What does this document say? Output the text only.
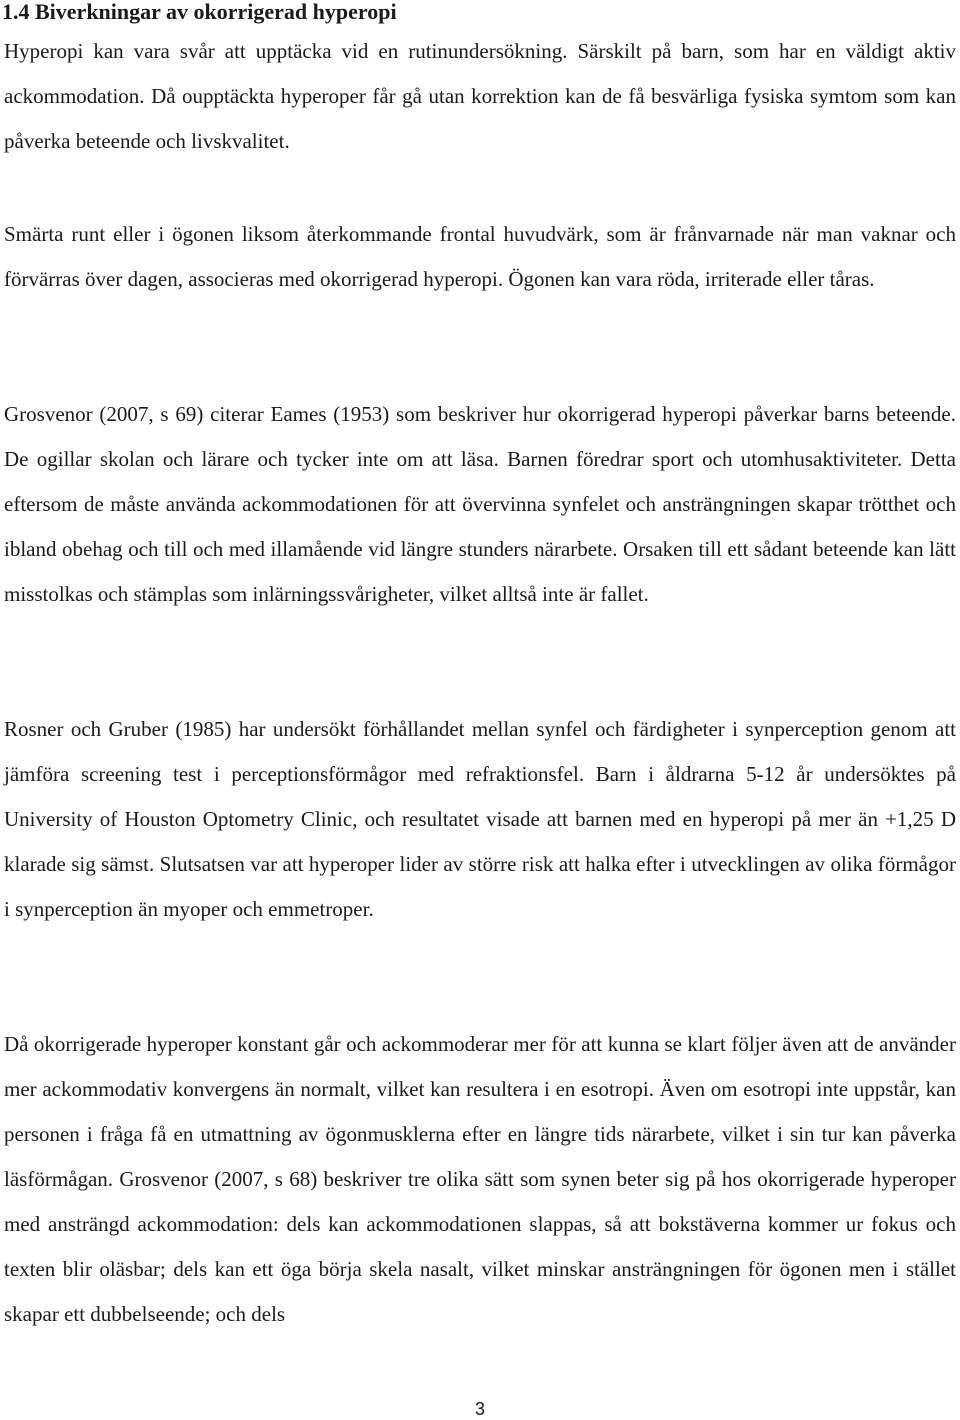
1.4 Biverkningar av okorrigerad hyperopi

Hyperopi kan vara svår att upptäcka vid en rutinundersökning. Särskilt på barn, som har en väldigt aktiv ackommodation. Då oupptäckta hyperoper får gå utan korrektion kan de få besvärliga fysiska symtom som kan påverka beteende och livskvalitet.

Smärta runt eller i ögonen liksom återkommande frontal huvudvärk, som är frånvarnade när man vaknar och förvärras över dagen, associeras med okorrigerad hyperopi. Ögonen kan vara röda, irriterade eller tåras.

Grosvenor (2007, s 69) citerar Eames (1953) som beskriver hur okorrigerad hyperopi påverkar barns beteende. De ogillar skolan och lärare och tycker inte om att läsa. Barnen föredrar sport och utomhusaktiviteter. Detta eftersom de måste använda ackommodationen för att övervinna synfelet och ansträngningen skapar trötthet och ibland obehag och till och med illamående vid längre stunders närarbete. Orsaken till ett sådant beteende kan lätt misstolkas och stämplas som inlärningssvårigheter, vilket alltså inte är fallet.

Rosner och Gruber (1985) har undersökt förhållandet mellan synfel och färdigheter i synperception genom att jämföra screening test i perceptionsförmågor med refraktionsfel. Barn i åldrarna 5-12 år undersöktes på University of Houston Optometry Clinic, och resultatet visade att barnen med en hyperopi på mer än +1,25 D klarade sig sämst. Slutsatsen var att hyperoper lider av större risk att halka efter i utvecklingen av olika förmågor i synperception än myoper och emmetroper.

Då okorrigerade hyperoper konstant går och ackommoderar mer för att kunna se klart följer även att de använder mer ackommodativ konvergens än normalt, vilket kan resultera i en esotropi. Även om esotropi inte uppstår, kan personen i fråga få en utmattning av ögonmusklerna efter en längre tids närarbete, vilket i sin tur kan påverka läsförmågan. Grosvenor (2007, s 68) beskriver tre olika sätt som synen beter sig på hos okorrigerade hyperoper med ansträngd ackommodation: dels kan ackommodationen slappas, så att bokstäverna kommer ur fokus och texten blir oläsbar; dels kan ett öga börja skela nasalt, vilket minskar ansträngningen för ögonen men i stället skapar ett dubbelseende; och dels

3
